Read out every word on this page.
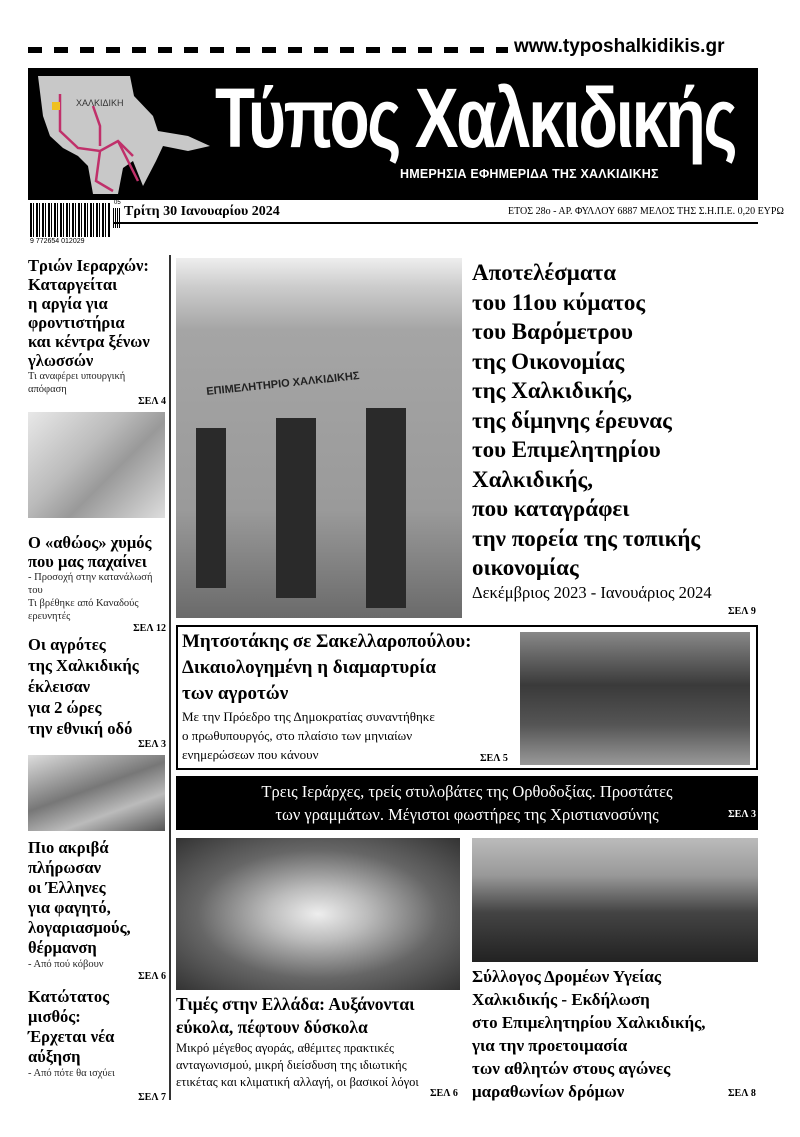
www.typoshalkidikis.gr
ΧΑΛΚΙΔΙΚΗ Τύπος Χαλκιδικής
ΗΜΕΡΗΣΙΑ ΕΦΗΜΕΡΙΔΑ ΤΗΣ ΧΑΛΚΙΔΙΚΗΣ
9 772654 012029
05
Τρίτη 30 Ιανουαρίου 2024	ΕΤΟΣ 28ο - ΑΡ. ΦΥΛΛΟΥ 6887 ΜΕΛΟΣ ΤΗΣ Σ.Η.Π.Ε. 0,20 ΕΥΡΩ
Τριών Ιεραρχών:
Καταργείται
η αργία για
φροντιστήρια
και κέντρα ξένων
γλωσσών
Τι αναφέρει υπουργική
απόφαση
ΣΕΛ 4
Ο «αθώος» χυμός
που μας παχαίνει
- Προσοχή στην κατανάλωσή
του
Τι βρέθηκε από Καναδούς
ερευνητές
ΣΕΛ 12
Οι αγρότες
της Χαλκιδικής
έκλεισαν
για 2 ώρες
την εθνική οδό
ΣΕΛ 3
Πιο ακριβά
πλήρωσαν
οι Έλληνες
για φαγητό,
λογαριασμούς,
θέρμανση
- Από πού κόβουν
ΣΕΛ 6
Κατώτατος
μισθός:
Έρχεται νέα
αύξηση
- Από πότε θα ισχύει
ΣΕΛ 7
ΕΠΙΜΕΛΗΤΗΡΙΟ ΧΑΛΚΙΔΙΚΗΣ
Αποτελέσματα
του 11ου κύματος
του Βαρόμετρου
της Οικονομίας
της Χαλκιδικής,
της δίμηνης έρευνας
του Επιμελητηρίου
Χαλκιδικής,
που καταγράφει
την πορεία της τοπικής
οικονομίας
Δεκέμβριος 2023 - Ιανουάριος 2024
ΣΕΛ 9
Μητσοτάκης σε Σακελλαροπούλου:
Δικαιολογημένη η διαμαρτυρία
των αγροτών
Με την Πρόεδρο της Δημοκρατίας συναντήθηκε
ο πρωθυπουργός, στο πλαίσιο των μηνιαίων
ενημερώσεων που κάνουν	ΣΕΛ 5
Τρεις Ιεράρχες, τρείς στυλοβάτες της Ορθοδοξίας. Προστάτες
των γραμμάτων. Μέγιστοι φωστήρες της Χριστιανοσύνης	ΣΕΛ 3
Τιμές στην Ελλάδα: Αυξάνονται
εύκολα, πέφτουν δύσκολα
Μικρό μέγεθος αγοράς, αθέμιτες πρακτικές
ανταγωνισμού, μικρή διείσδυση της ιδιωτικής
ετικέτας και κλιματική αλλαγή, οι βασικοί λόγοι
ΣΕΛ 6
Σύλλογος Δρομέων Υγείας
Χαλκιδικής - Εκδήλωση
στο Επιμελητηρίου Χαλκιδικής,
για την προετοιμασία
των αθλητών στους αγώνες
μαραθωνίων δρόμων	ΣΕΛ 8
